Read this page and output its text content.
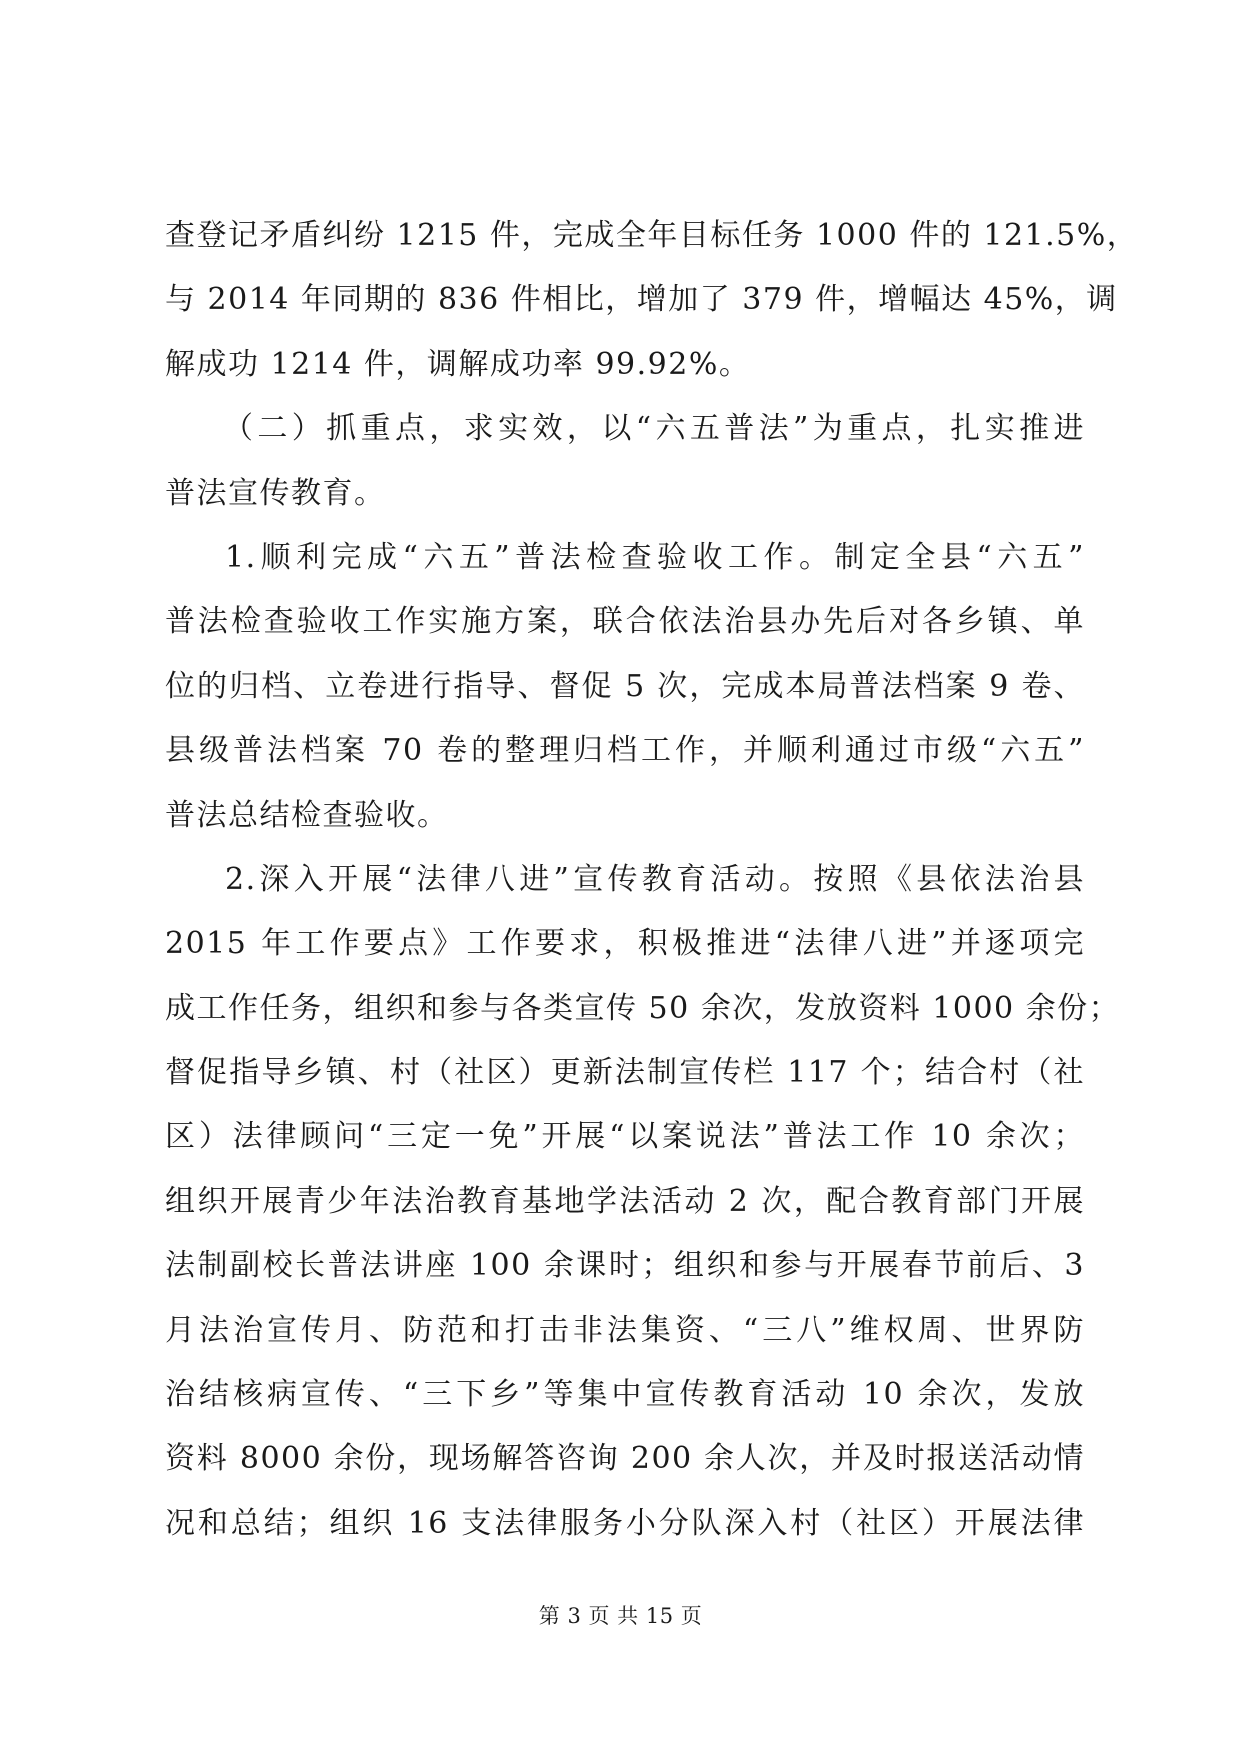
查登记矛盾纠纷 1215 件，完成全年目标任务 1000 件的 121.5%，
与 2014 年同期的 836 件相比，增加了 379 件，增幅达 45%，调
解成功 1214 件，调解成功率 99.92%。
（二）抓重点，求实效，以“六五普法”为重点，扎实推进
普法宣传教育。
1.顺利完成“六五”普法检查验收工作。制定全县“六五”
普法检查验收工作实施方案，联合依法治县办先后对各乡镇、单
位的归档、立卷进行指导、督促 5 次，完成本局普法档案 9 卷、
县级普法档案 70 卷的整理归档工作，并顺利通过市级“六五”
普法总结检查验收。
2.深入开展“法律八进”宣传教育活动。按照《县依法治县
2015 年工作要点》工作要求，积极推进“法律八进”并逐项完
成工作任务，组织和参与各类宣传 50 余次，发放资料 1000 余份；
督促指导乡镇、村（社区）更新法制宣传栏 117 个；结合村（社
区）法律顾问“三定一免”开展“以案说法”普法工作 10 余次；
组织开展青少年法治教育基地学法活动 2 次，配合教育部门开展
法制副校长普法讲座 100 余课时；组织和参与开展春节前后、3
月法治宣传月、防范和打击非法集资、“三八”维权周、世界防
治结核病宣传、“三下乡”等集中宣传教育活动 10 余次，发放
资料 8000 余份，现场解答咨询 200 余人次，并及时报送活动情
况和总结；组织 16 支法律服务小分队深入村（社区）开展法律
第 3 页 共 15 页
